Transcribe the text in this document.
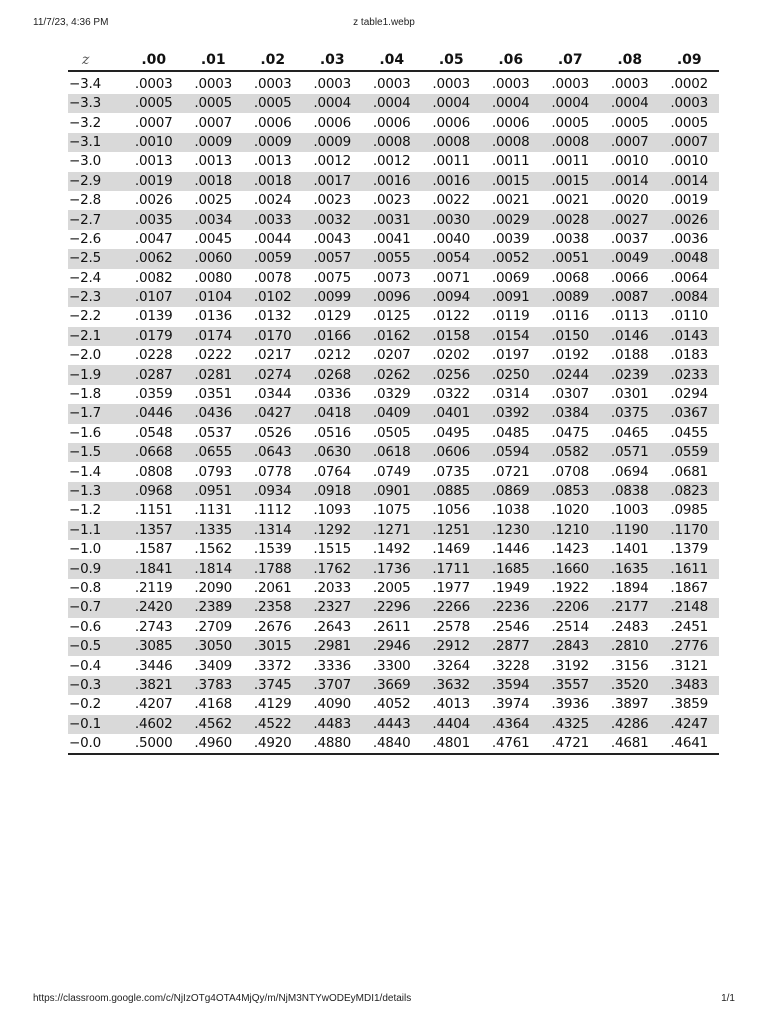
11/7/23, 4:36 PM	z table1.webp
z	.00	.01	.02	.03	.04	.05	.06	.07	.08	.09
−3.4	.0003	.0003	.0003	.0003	.0003	.0003	.0003	.0003	.0003	.0002
−3.3	.0005	.0005	.0005	.0004	.0004	.0004	.0004	.0004	.0004	.0003
−3.2	.0007	.0007	.0006	.0006	.0006	.0006	.0006	.0005	.0005	.0005
−3.1	.0010	.0009	.0009	.0009	.0008	.0008	.0008	.0008	.0007	.0007
−3.0	.0013	.0013	.0013	.0012	.0012	.0011	.0011	.0011	.0010	.0010
−2.9	.0019	.0018	.0018	.0017	.0016	.0016	.0015	.0015	.0014	.0014
−2.8	.0026	.0025	.0024	.0023	.0023	.0022	.0021	.0021	.0020	.0019
−2.7	.0035	.0034	.0033	.0032	.0031	.0030	.0029	.0028	.0027	.0026
−2.6	.0047	.0045	.0044	.0043	.0041	.0040	.0039	.0038	.0037	.0036
−2.5	.0062	.0060	.0059	.0057	.0055	.0054	.0052	.0051	.0049	.0048
−2.4	.0082	.0080	.0078	.0075	.0073	.0071	.0069	.0068	.0066	.0064
−2.3	.0107	.0104	.0102	.0099	.0096	.0094	.0091	.0089	.0087	.0084
−2.2	.0139	.0136	.0132	.0129	.0125	.0122	.0119	.0116	.0113	.0110
−2.1	.0179	.0174	.0170	.0166	.0162	.0158	.0154	.0150	.0146	.0143
−2.0	.0228	.0222	.0217	.0212	.0207	.0202	.0197	.0192	.0188	.0183
−1.9	.0287	.0281	.0274	.0268	.0262	.0256	.0250	.0244	.0239	.0233
−1.8	.0359	.0351	.0344	.0336	.0329	.0322	.0314	.0307	.0301	.0294
−1.7	.0446	.0436	.0427	.0418	.0409	.0401	.0392	.0384	.0375	.0367
−1.6	.0548	.0537	.0526	.0516	.0505	.0495	.0485	.0475	.0465	.0455
−1.5	.0668	.0655	.0643	.0630	.0618	.0606	.0594	.0582	.0571	.0559
−1.4	.0808	.0793	.0778	.0764	.0749	.0735	.0721	.0708	.0694	.0681
−1.3	.0968	.0951	.0934	.0918	.0901	.0885	.0869	.0853	.0838	.0823
−1.2	.1151	.1131	.1112	.1093	.1075	.1056	.1038	.1020	.1003	.0985
−1.1	.1357	.1335	.1314	.1292	.1271	.1251	.1230	.1210	.1190	.1170
−1.0	.1587	.1562	.1539	.1515	.1492	.1469	.1446	.1423	.1401	.1379
−0.9	.1841	.1814	.1788	.1762	.1736	.1711	.1685	.1660	.1635	.1611
−0.8	.2119	.2090	.2061	.2033	.2005	.1977	.1949	.1922	.1894	.1867
−0.7	.2420	.2389	.2358	.2327	.2296	.2266	.2236	.2206	.2177	.2148
−0.6	.2743	.2709	.2676	.2643	.2611	.2578	.2546	.2514	.2483	.2451
−0.5	.3085	.3050	.3015	.2981	.2946	.2912	.2877	.2843	.2810	.2776
−0.4	.3446	.3409	.3372	.3336	.3300	.3264	.3228	.3192	.3156	.3121
−0.3	.3821	.3783	.3745	.3707	.3669	.3632	.3594	.3557	.3520	.3483
−0.2	.4207	.4168	.4129	.4090	.4052	.4013	.3974	.3936	.3897	.3859
−0.1	.4602	.4562	.4522	.4483	.4443	.4404	.4364	.4325	.4286	.4247
−0.0	.5000	.4960	.4920	.4880	.4840	.4801	.4761	.4721	.4681	.4641
https://classroom.google.com/c/NjIzOTg4OTA4MjQy/m/NjM3NTYwODEyMDI1/details	1/1
